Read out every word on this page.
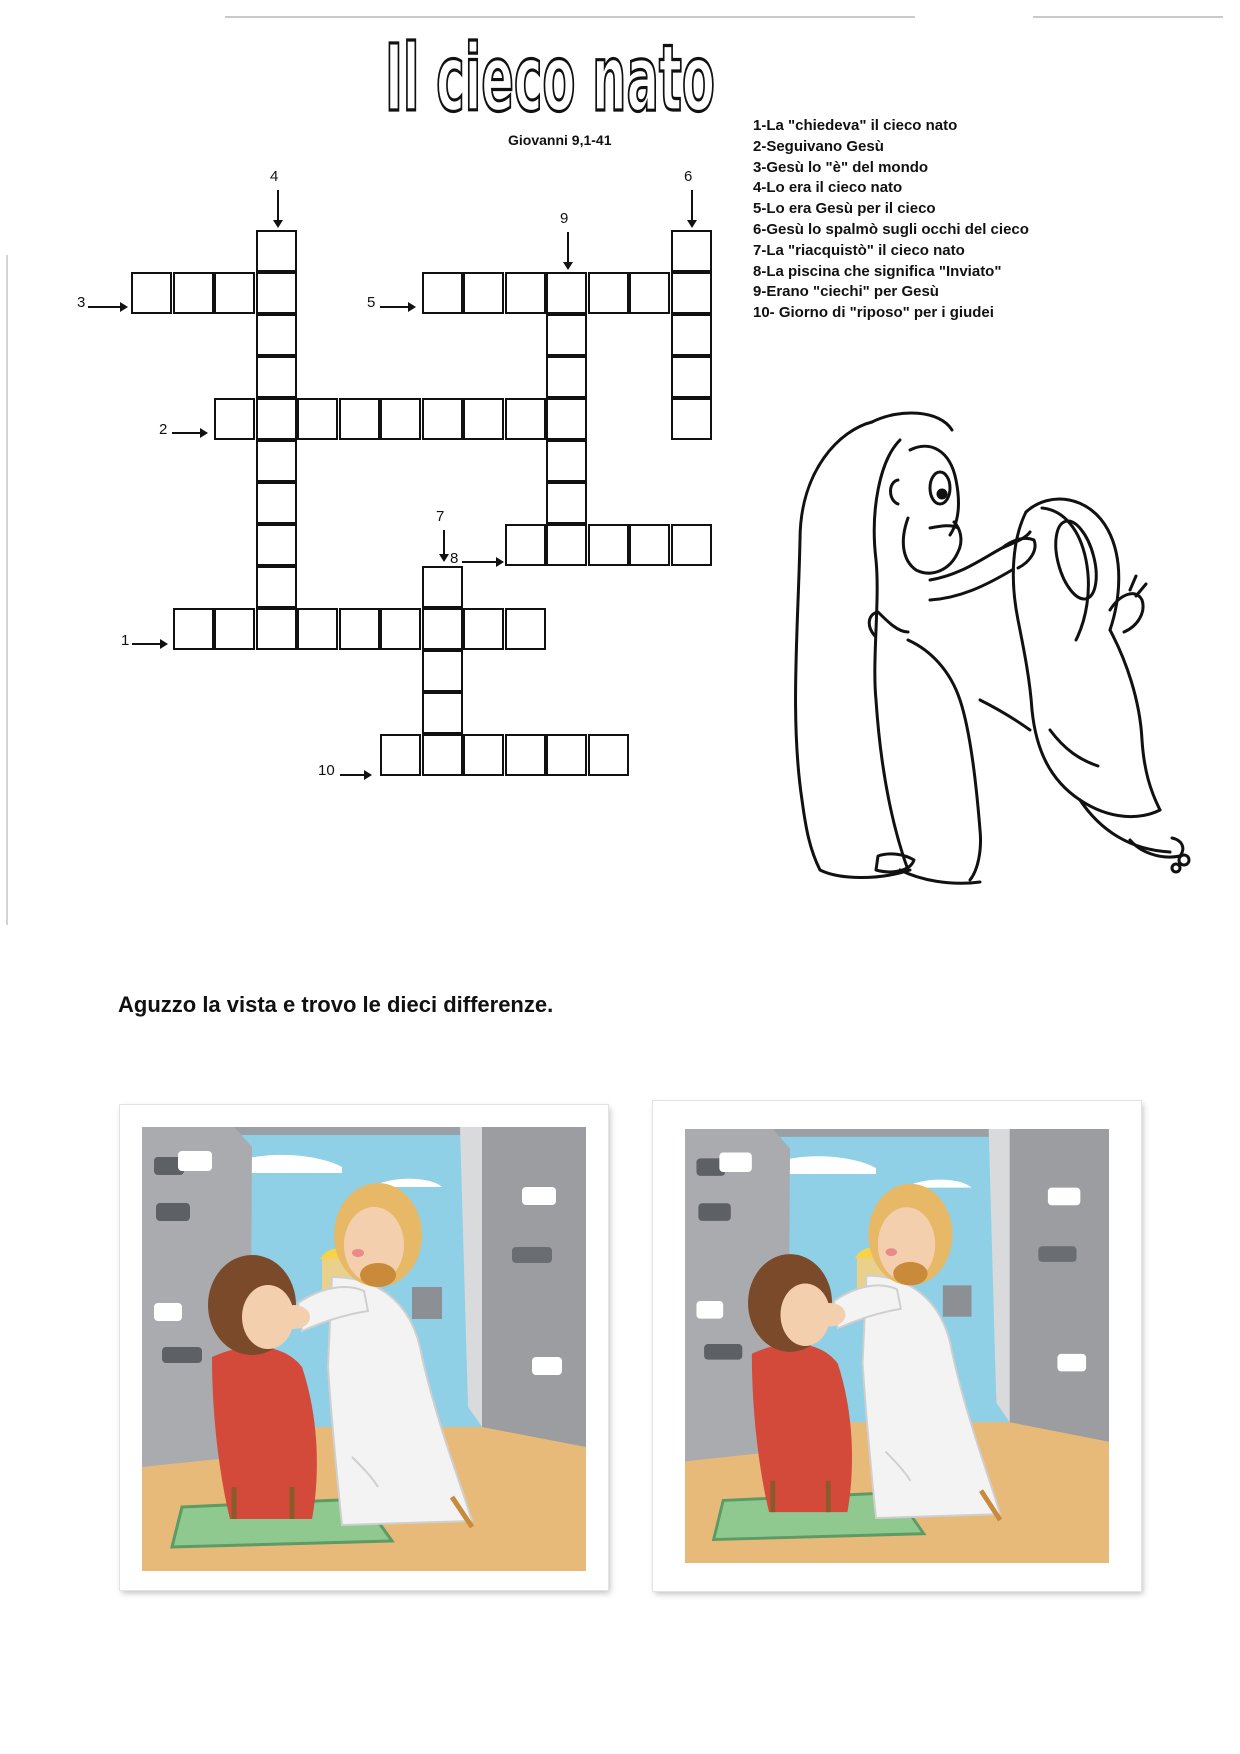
Il cieco nato
Giovanni 9,1-41
1
2
3
4
5
6
7
8
9
10
1-La "chiedeva" il cieco nato
2-Seguivano Gesù
3-Gesù lo "è" del mondo
4-Lo era il cieco nato
5-Lo era Gesù per il cieco
6-Gesù lo spalmò sugli occhi del cieco
7-La "riacquistò" il cieco nato
8-La piscina che significa "Inviato"
9-Erano "ciechi" per Gesù
10- Giorno di "riposo" per i giudei
Aguzzo la vista e trovo le dieci differenze.
